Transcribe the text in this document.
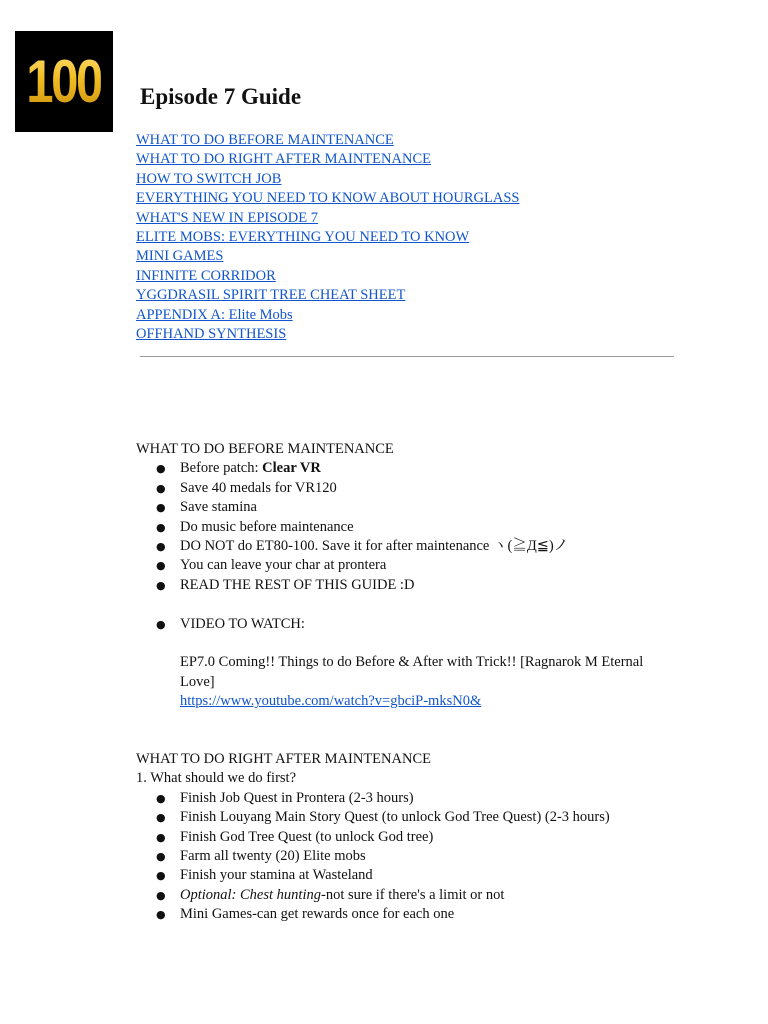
100 Episode 7 Guide
WHAT TO DO BEFORE MAINTENANCE
WHAT TO DO RIGHT AFTER MAINTENANCE
HOW TO SWITCH JOB
EVERYTHING YOU NEED TO KNOW ABOUT HOURGLASS
WHAT'S NEW IN EPISODE 7
ELITE MOBS: EVERYTHING YOU NEED TO KNOW
MINI GAMES
INFINITE CORRIDOR
YGGDRASIL SPIRIT TREE CHEAT SHEET
APPENDIX A: Elite Mobs
OFFHAND SYNTHESIS
WHAT TO DO BEFORE MAINTENANCE
● Before patch: Clear VR
● Save 40 medals for VR120
● Save stamina
● Do music before maintenance
● DO NOT do ET80-100. Save it for after maintenance ヽ(≧Д≦)ノ
● You can leave your char at prontera
● READ THE REST OF THIS GUIDE :D
● VIDEO TO WATCH:
EP7.0 Coming!! Things to do Before & After with Trick!! [Ragnarok M Eternal Love]
https://www.youtube.com/watch?v=gbciP-mksN0&
WHAT TO DO RIGHT AFTER MAINTENANCE
1. What should we do first?
● Finish Job Quest in Prontera (2-3 hours)
● Finish Louyang Main Story Quest (to unlock God Tree Quest) (2-3 hours)
● Finish God Tree Quest (to unlock God tree)
● Farm all twenty (20) Elite mobs
● Finish your stamina at Wasteland
● Optional: Chest hunting-not sure if there's a limit or not
● Mini Games-can get rewards once for each one
